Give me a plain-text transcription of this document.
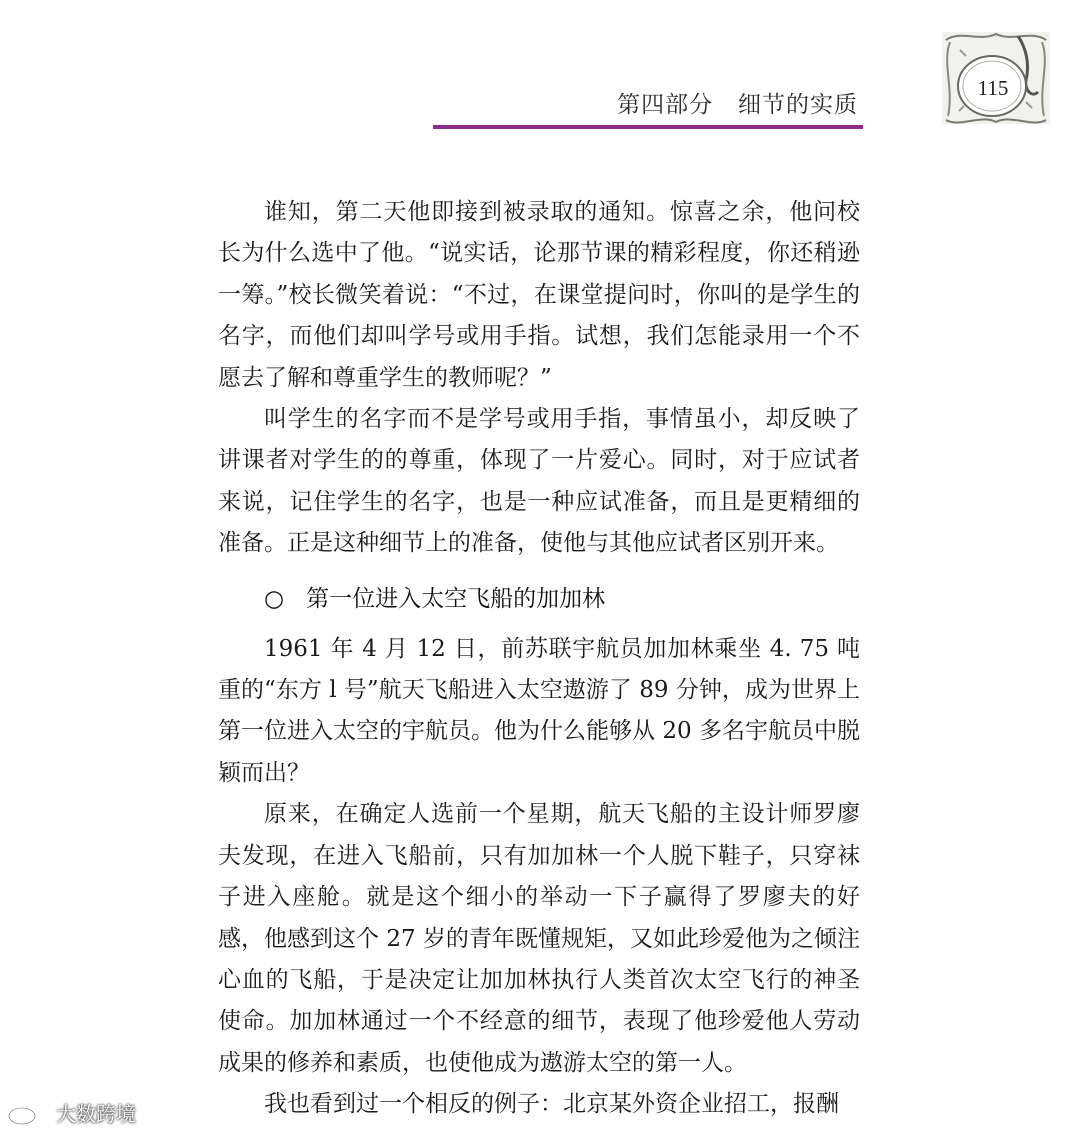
第四部分   细节的实质
115

谁知，第二天他即接到被录取的通知。惊喜之余，他问校长为什么选中了他。“说实话，论那节课的精彩程度，你还稍逊一筹。”校长微笑着说：“不过，在课堂提问时，你叫的是学生的名字，而他们却叫学号或用手指。试想，我们怎能录用一个不愿去了解和尊重学生的教师呢？”

叫学生的名字而不是学号或用手指，事情虽小，却反映了讲课者对学生的的尊重，体现了一片爱心。同时，对于应试者来说，记住学生的名字，也是一种应试准备，而且是更精细的准备。正是这种细节上的准备，使他与其他应试者区别开来。

○ 第一位进入太空飞船的加加林

1961 年 4 月 12 日，前苏联宇航员加加林乘坐 4. 75 吨重的“东方 l 号”航天飞船进入太空遨游了 89 分钟，成为世界上第一位进入太空的宇航员。他为什么能够从 20 多名宇航员中脱颖而出？

原来，在确定人选前一个星期，航天飞船的主设计师罗廖夫发现，在进入飞船前，只有加加林一个人脱下鞋子，只穿袜子进入座舱。就是这个细小的举动一下子赢得了罗廖夫的好感，他感到这个 27 岁的青年既懂规矩，又如此珍爱他为之倾注心血的飞船，于是决定让加加林执行人类首次太空飞行的神圣使命。加加林通过一个不经意的细节，表现了他珍爱他人劳动成果的修养和素质，也使他成为遨游太空的第一人。

我也看到过一个相反的例子：北京某外资企业招工，报酬

大数跨境
